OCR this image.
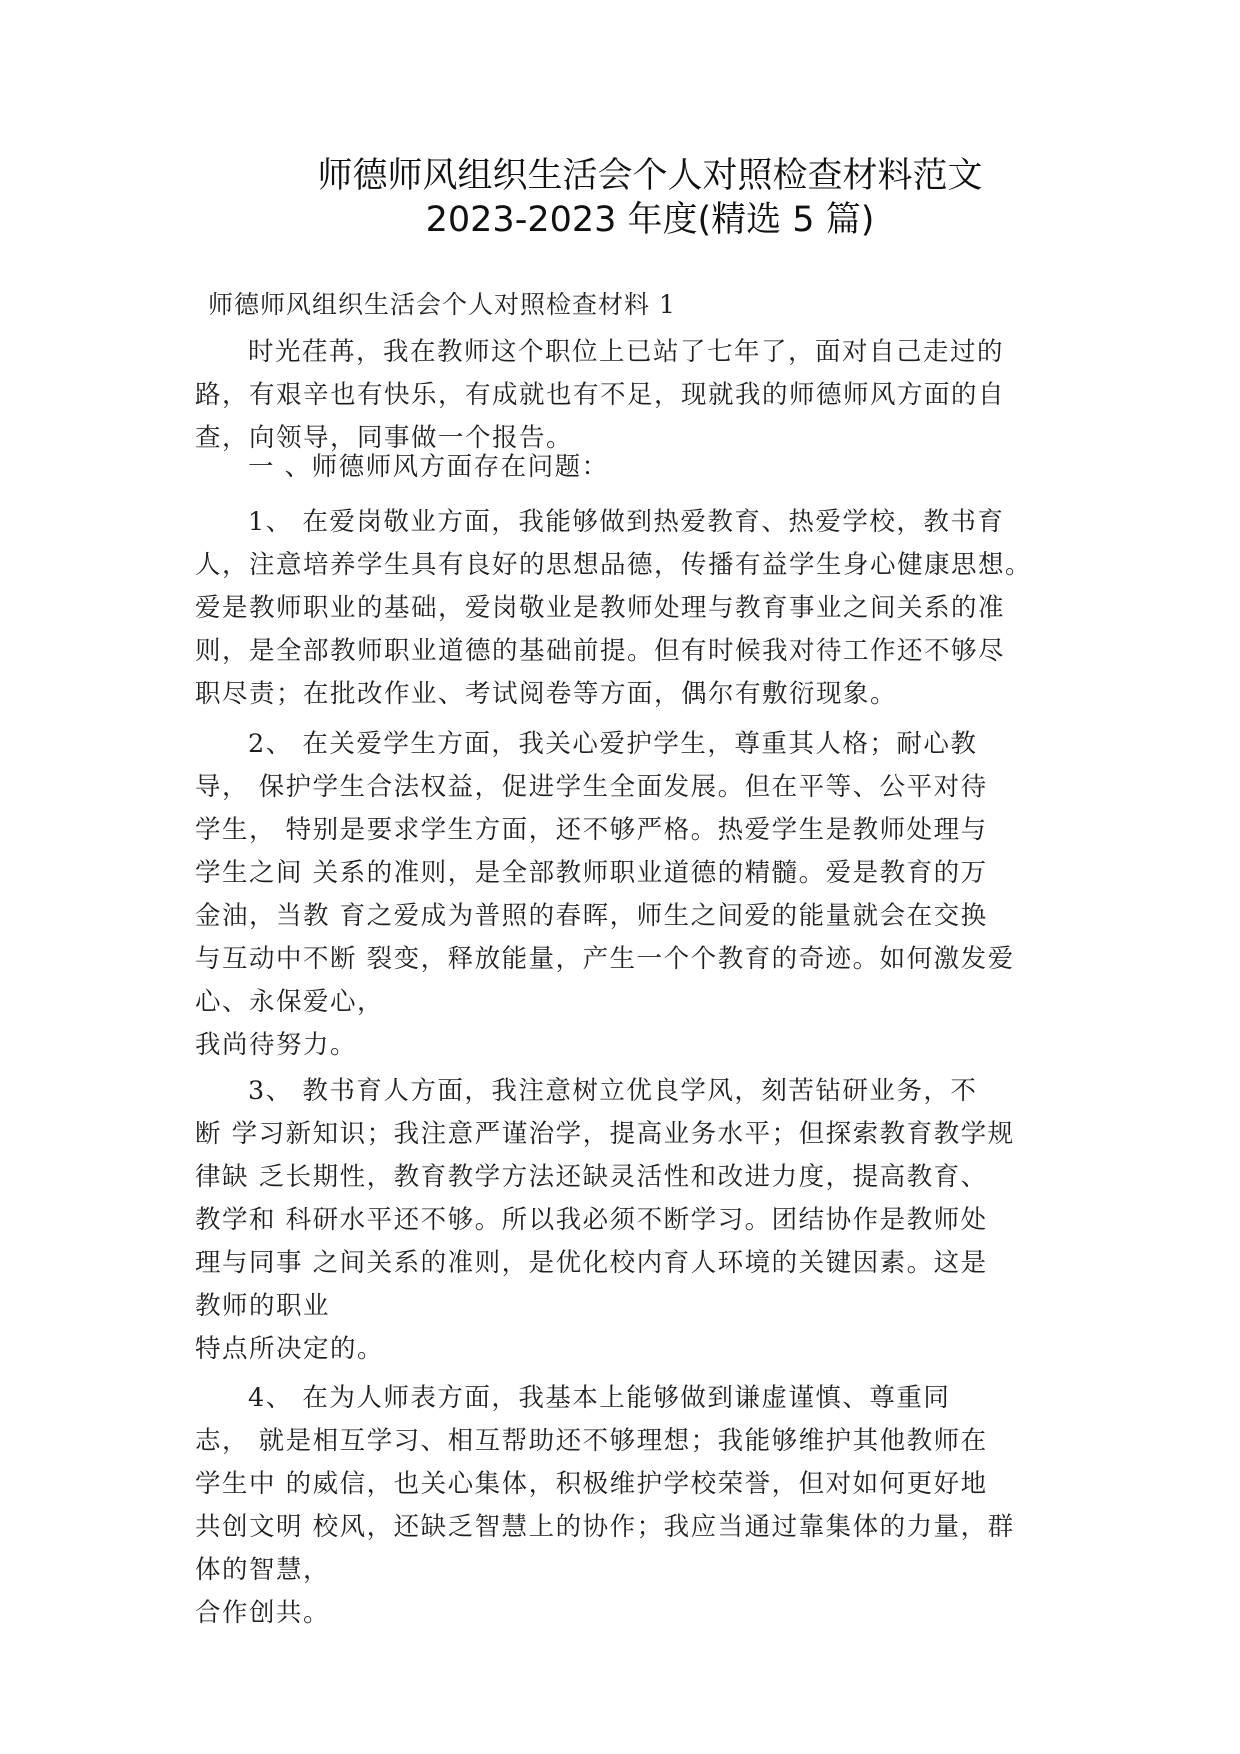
师德师风组织生活会个人对照检查材料范文
2023-2023 年度(精选 5 篇)
师德师风组织生活会个人对照检查材料 1
时光荏苒，我在教师这个职位上已站了七年了，面对自己走过的
路，有艰辛也有快乐，有成就也有不足，现就我的师德师风方面的自
查，向领导，同事做一个报告。
一 、师德师风方面存在问题：
1、 在爱岗敬业方面，我能够做到热爱教育、热爱学校，教书育
人，注意培养学生具有良好的思想品德，传播有益学生身心健康思想。
爱是教师职业的基础，爱岗敬业是教师处理与教育事业之间关系的准
则，是全部教师职业道德的基础前提。但有时候我对待工作还不够尽
职尽责；在批改作业、考试阅卷等方面，偶尔有敷衍现象。
2、 在关爱学生方面，我关心爱护学生，尊重其人格；耐心教
导， 保护学生合法权益，促进学生全面发展。但在平等、公平对待
学生， 特别是要求学生方面，还不够严格。热爱学生是教师处理与
学生之间 关系的准则，是全部教师职业道德的精髓。爱是教育的万
金油，当教 育之爱成为普照的春晖，师生之间爱的能量就会在交换
与互动中不断 裂变，释放能量，产生一个个教育的奇迹。如何激发爱
心、永保爱心，
我尚待努力。
3、 教书育人方面，我注意树立优良学风，刻苦钻研业务，不
断 学习新知识；我注意严谨治学，提高业务水平；但探索教育教学规
律缺 乏长期性，教育教学方法还缺灵活性和改进力度，提高教育、
教学和 科研水平还不够。所以我必须不断学习。团结协作是教师处
理与同事 之间关系的准则，是优化校内育人环境的关键因素。这是
教师的职业
特点所决定的。
4、 在为人师表方面，我基本上能够做到谦虚谨慎、尊重同
志， 就是相互学习、相互帮助还不够理想；我能够维护其他教师在
学生中 的威信，也关心集体，积极维护学校荣誉，但对如何更好地
共创文明 校风，还缺乏智慧上的协作；我应当通过靠集体的力量，群
体的智慧，
合作创共。
